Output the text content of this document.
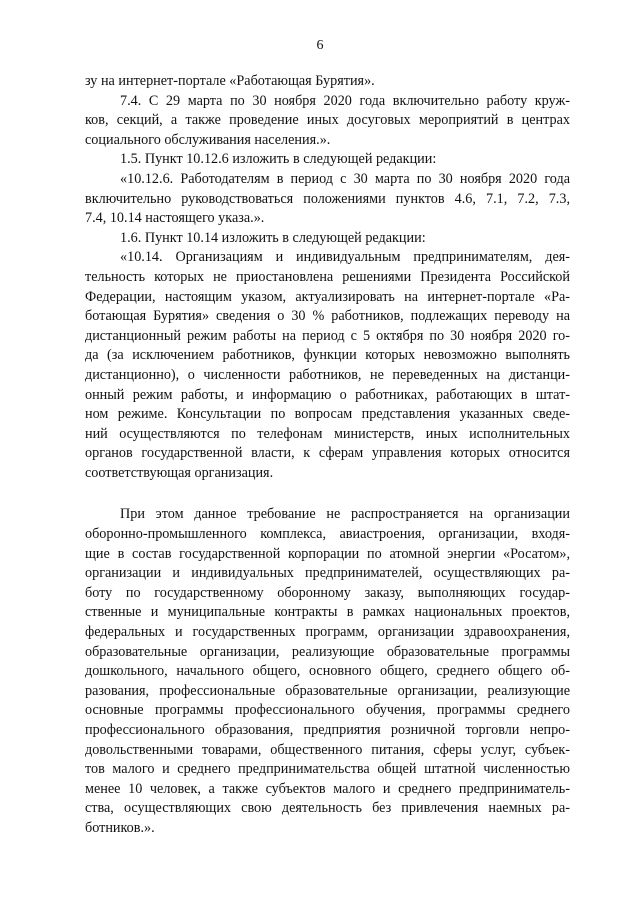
6
зу на интернет-портале «Работающая Бурятия».
7.4. С 29 марта по 30 ноября 2020 года включительно работу круж-
ков, секций, а также проведение иных досуговых мероприятий в центрах
социального обслуживания населения.».
1.5. Пункт 10.12.6 изложить в следующей редакции:
«10.12.6. Работодателям в период с 30 марта по 30 ноября 2020 года
включительно руководствоваться положениями пунктов 4.6, 7.1, 7.2, 7.3,
7.4, 10.14 настоящего указа.».
1.6. Пункт 10.14 изложить в следующей редакции:
«10.14. Организациям и индивидуальным предпринимателям, дея-
тельность которых не приостановлена решениями Президента Российской
Федерации, настоящим указом, актуализировать на интернет-портале «Ра-
ботающая Бурятия» сведения о 30 % работников, подлежащих переводу на
дистанционный режим работы на период с 5 октября по 30 ноября 2020 го-
да (за исключением работников, функции которых невозможно выполнять
дистанционно), о численности работников, не переведенных на дистанци-
онный режим работы, и информацию о работниках, работающих в штат-
ном режиме. Консультации по вопросам представления указанных сведе-
ний осуществляются по телефонам министерств, иных исполнительных
органов государственной власти, к сферам управления которых относится
соответствующая организация.
При этом данное требование не распространяется на организации
оборонно-промышленного комплекса, авиастроения, организации, входя-
щие в состав государственной корпорации по атомной энергии «Росатом»,
организации и индивидуальных предпринимателей, осуществляющих ра-
боту по государственному оборонному заказу, выполняющих государ-
ственные и муниципальные контракты в рамках национальных проектов,
федеральных и государственных программ, организации здравоохранения,
образовательные организации, реализующие образовательные программы
дошкольного, начального общего, основного общего, среднего общего об-
разования, профессиональные образовательные организации, реализующие
основные программы профессионального обучения, программы среднего
профессионального образования, предприятия розничной торговли непро-
довольственными товарами, общественного питания, сферы услуг, субъек-
тов малого и среднего предпринимательства общей штатной численностью
менее 10 человек, а также субъектов малого и среднего предприниматель-
ства, осуществляющих свою деятельность без привлечения наемных ра-
ботников.».
